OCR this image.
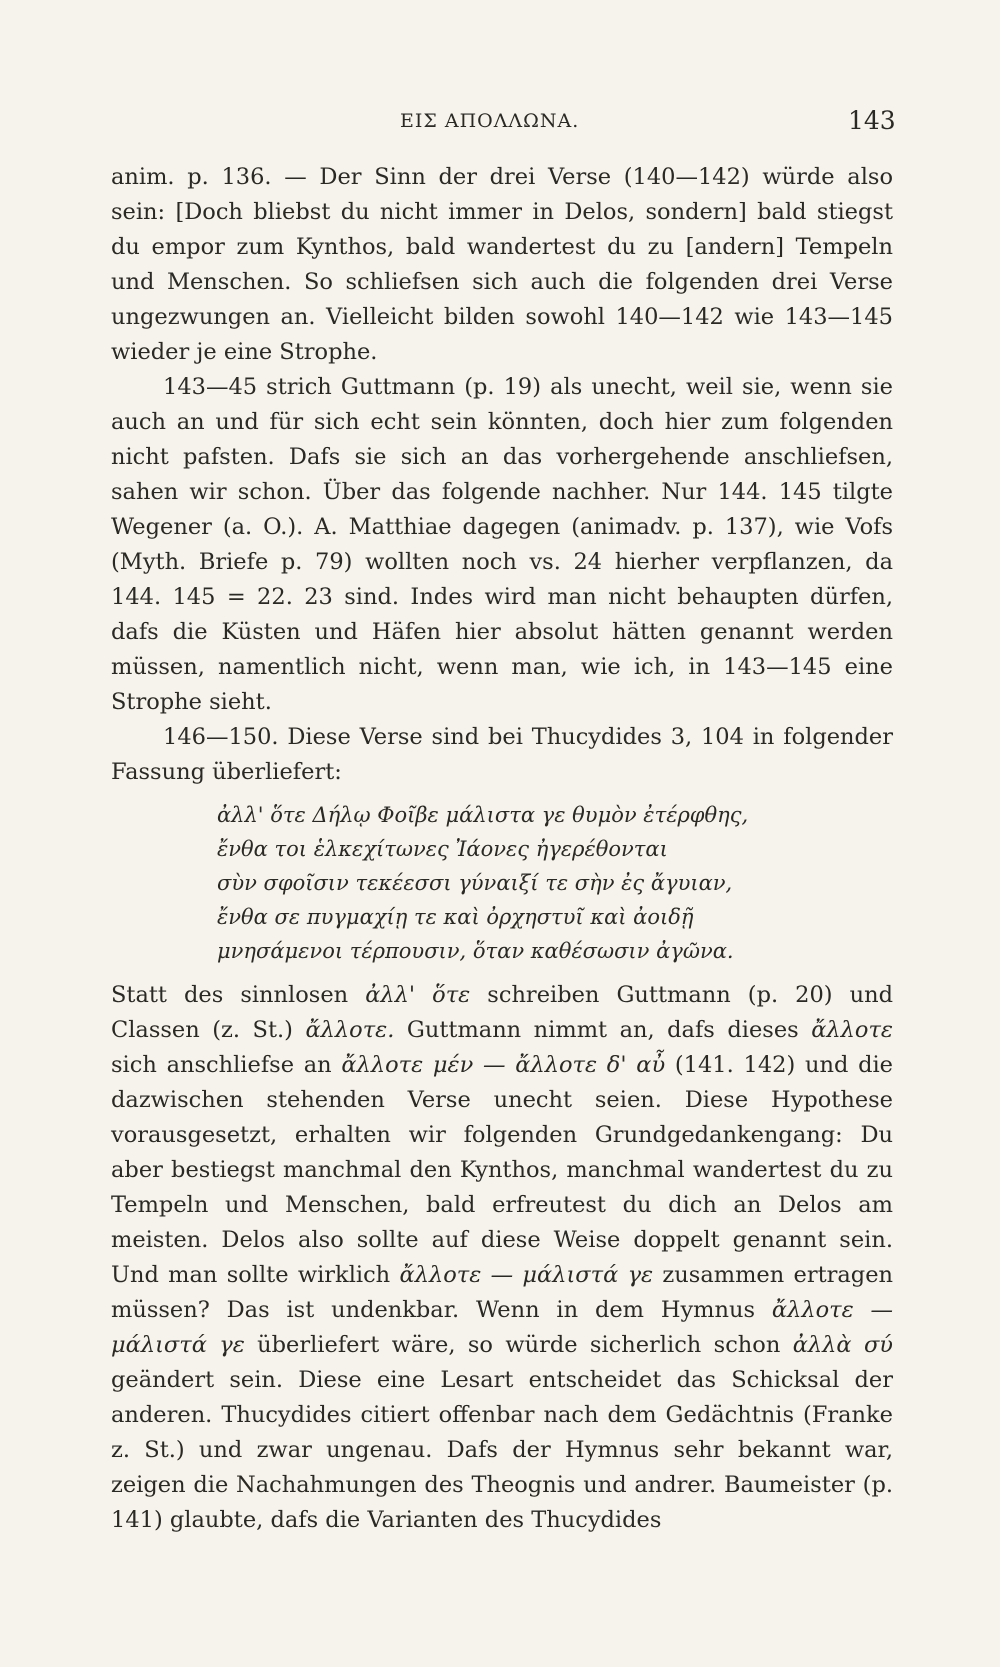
ΕΙΣ ΑΠΟΛΛΩΝΑ.	143

anim. p. 136. — Der Sinn der drei Verse (140—142) würde also sein: [Doch bliebst du nicht immer in Delos, sondern] bald stiegst du empor zum Kynthos, bald wandertest du zu [andern] Tempeln und Menschen. So schliefsen sich auch die folgenden drei Verse ungezwungen an. Vielleicht bilden sowohl 140—142 wie 143—145 wieder je eine Strophe.

143—45 strich Guttmann (p. 19) als unecht, weil sie, wenn sie auch an und für sich echt sein könnten, doch hier zum folgenden nicht pafsten. Dafs sie sich an das vorhergehende anschliefsen, sahen wir schon. Über das folgende nachher. Nur 144. 145 tilgte Wegener (a. O.). A. Matthiae dagegen (animadv. p. 137), wie Vofs (Myth. Briefe p. 79) wollten noch vs. 24 hierher verpflanzen, da 144. 145 = 22. 23 sind. Indes wird man nicht behaupten dürfen, dafs die Küsten und Häfen hier absolut hätten genannt werden müssen, namentlich nicht, wenn man, wie ich, in 143—145 eine Strophe sieht.

146—150. Diese Verse sind bei Thucydides 3, 104 in folgender Fassung überliefert:

ἀλλ' ὅτε Δήλῳ Φοῖβε μάλιστα γε θυμὸν ἐτέρφθης,
ἔνθα τοι ἑλκεχίτωνες Ἰάονες ἠγερέθονται
σὺν σφοῖσιν τεκέεσσι γύναιξί τε σὴν ἐς ἄγυιαν,
ἔνθα σε πυγμαχίῃ τε καὶ ὀρχηστυῖ καὶ ἀοιδῇ
μνησάμενοι τέρπουσιν, ὅταν καθέσωσιν ἀγῶνα.

Statt des sinnlosen ἀλλ' ὅτε schreiben Guttmann (p. 20) und Classen (z. St.) ἄλλοτε. Guttmann nimmt an, dafs dieses ἄλλοτε sich anschliefse an ἄλλοτε μέν — ἄλλοτε δ' αὖ (141. 142) und die dazwischen stehenden Verse unecht seien. Diese Hypothese vorausgesetzt, erhalten wir folgenden Grundgedankengang: Du aber bestiegst manchmal den Kynthos, manchmal wandertest du zu Tempeln und Menschen, bald erfreutest du dich an Delos am meisten. Delos also sollte auf diese Weise doppelt genannt sein. Und man sollte wirklich ἄλλοτε — μάλιστά γε zusammen ertragen müssen? Das ist undenkbar. Wenn in dem Hymnus ἄλλοτε — μάλιστά γε überliefert wäre, so würde sicherlich schon ἀλλὰ σύ geändert sein. Diese eine Lesart entscheidet das Schicksal der anderen. Thucydides citiert offenbar nach dem Gedächtnis (Franke z. St.) und zwar ungenau. Dafs der Hymnus sehr bekannt war, zeigen die Nachahmungen des Theognis und andrer. Baumeister (p. 141) glaubte, dafs die Varianten des Thucydides
